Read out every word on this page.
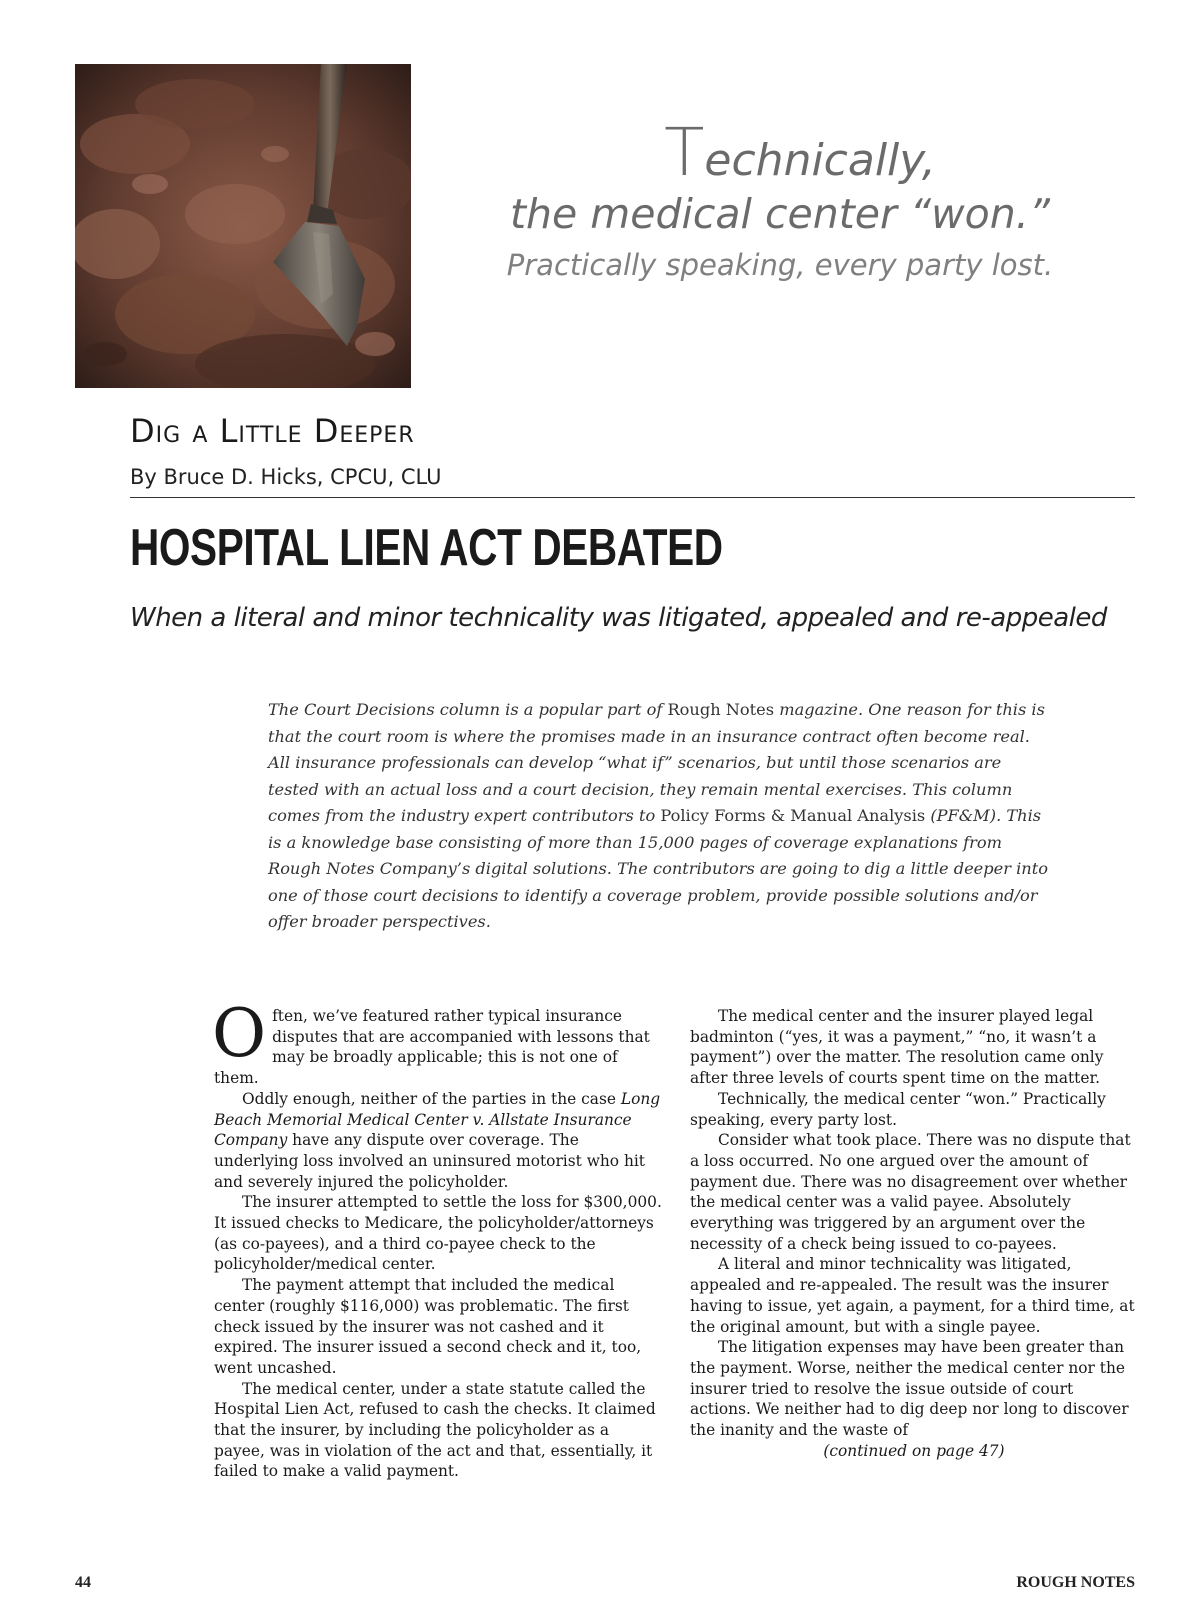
Technically,
the medical center “won.”
Practically speaking, every party lost.
Dig a Little Deeper
By Bruce D. Hicks, CPCU, CLU
HOSPITAL LIEN ACT DEBATED
When a literal and minor technicality was litigated, appealed and re-appealed
The Court Decisions column is a popular part of Rough Notes magazine. One reason for this is that the court room is where the promises made in an insurance contract often become real. All insurance professionals can develop “what if” scenarios, but until those scenarios are tested with an actual loss and a court decision, they remain mental exercises. This column comes from the industry expert contributors to Policy Forms & Manual Analysis (PF&M). This is a knowledge base consisting of more than 15,000 pages of coverage explanations from Rough Notes Company’s digital solutions. The contributors are going to dig a little deeper into one of those court decisions to identify a coverage problem, provide possible solutions and/or offer broader perspectives.

Often, we’ve featured rather typical insurance disputes that are accompanied with lessons that may be broadly applicable; this is not one of them.

Oddly enough, neither of the parties in the case Long Beach Memorial Medical Center v. Allstate Insurance Company have any dispute over coverage. The underlying loss involved an uninsured motorist who hit and severely injured the policyholder.

The insurer attempted to settle the loss for $300,000. It issued checks to Medicare, the policyholder/attorneys (as co-payees), and a third co-payee check to the policyholder/medical center.

The payment attempt that included the medical center (roughly $116,000) was problematic. The first check issued by the insurer was not cashed and it expired. The insurer issued a second check and it, too, went uncashed.

The medical center, under a state statute called the Hospital Lien Act, refused to cash the checks. It claimed that the insurer, by including the policyholder as a payee, was in violation of the act and that, essentially, it failed to make a valid payment.

The medical center and the insurer played legal badminton (“yes, it was a payment,” “no, it wasn’t a payment”) over the matter. The resolution came only after three levels of courts spent time on the matter.

Technically, the medical center “won.” Practically speaking, every party lost.

Consider what took place. There was no dispute that a loss occurred. No one argued over the amount of payment due. There was no disagreement over whether the medical center was a valid payee. Absolutely everything was triggered by an argument over the necessity of a check being issued to co-payees.

A literal and minor technicality was litigated, appealed and re-appealed. The result was the insurer having to issue, yet again, a payment, for a third time, at the original amount, but with a single payee.

The litigation expenses may have been greater than the payment. Worse, neither the medical center nor the insurer tried to resolve the issue outside of court actions. We neither had to dig deep nor long to discover the inanity and the waste of

(continued on page 47)

44	ROUGH NOTES
